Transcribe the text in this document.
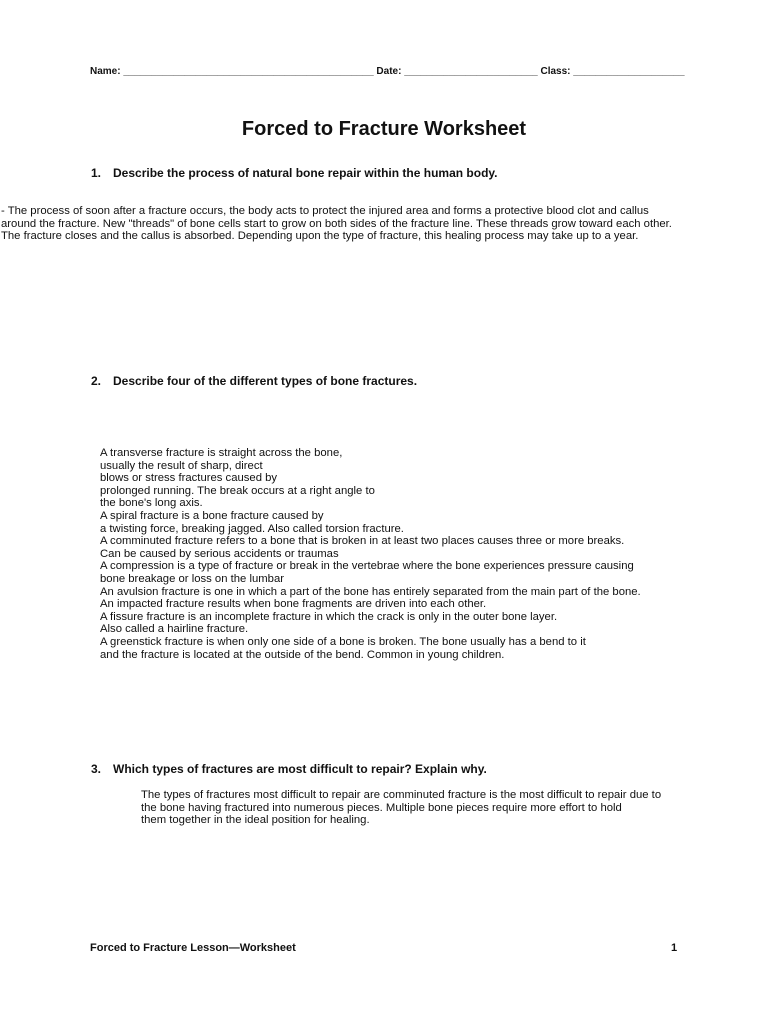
Name: _____________________________________________ Date: ________________________ Class: ____________________
Forced to Fracture Worksheet
1. Describe the process of natural bone repair within the human body.
- The process of soon after a fracture occurs, the body acts to protect the injured area and forms a protective blood clot and callus
around the fracture. New "threads" of bone cells start to grow on both sides of the fracture line. These threads grow toward each other.
The fracture closes and the callus is absorbed. Depending upon the type of fracture, this healing process may take up to a year.
2. Describe four of the different types of bone fractures.
A transverse fracture is straight across the bone,
usually the result of sharp, direct
blows or stress fractures caused by
prolonged running. The break occurs at a right angle to
the bone's long axis.
A spiral fracture is a bone fracture caused by
a twisting force, breaking jagged. Also called torsion fracture.
A comminuted fracture refers to a bone that is broken in at least two places causes three or more breaks.
Can be caused by serious accidents or traumas
A compression is a type of fracture or break in the vertebrae where the bone experiences pressure causing
bone breakage or loss on the lumbar
An avulsion fracture is one in which a part of the bone has entirely separated from the main part of the bone.
An impacted fracture results when bone fragments are driven into each other.
A fissure fracture is an incomplete fracture in which the crack is only in the outer bone layer.
Also called a hairline fracture.
A greenstick fracture is when only one side of a bone is broken. The bone usually has a bend to it
and the fracture is located at the outside of the bend. Common in young children.
3. Which types of fractures are most difficult to repair? Explain why.
The types of fractures most difficult to repair are comminuted fracture is the most difficult to repair due to
the bone having fractured into numerous pieces. Multiple bone pieces require more effort to hold
them together in the ideal position for healing.
Forced to Fracture Lesson—Worksheet	1
